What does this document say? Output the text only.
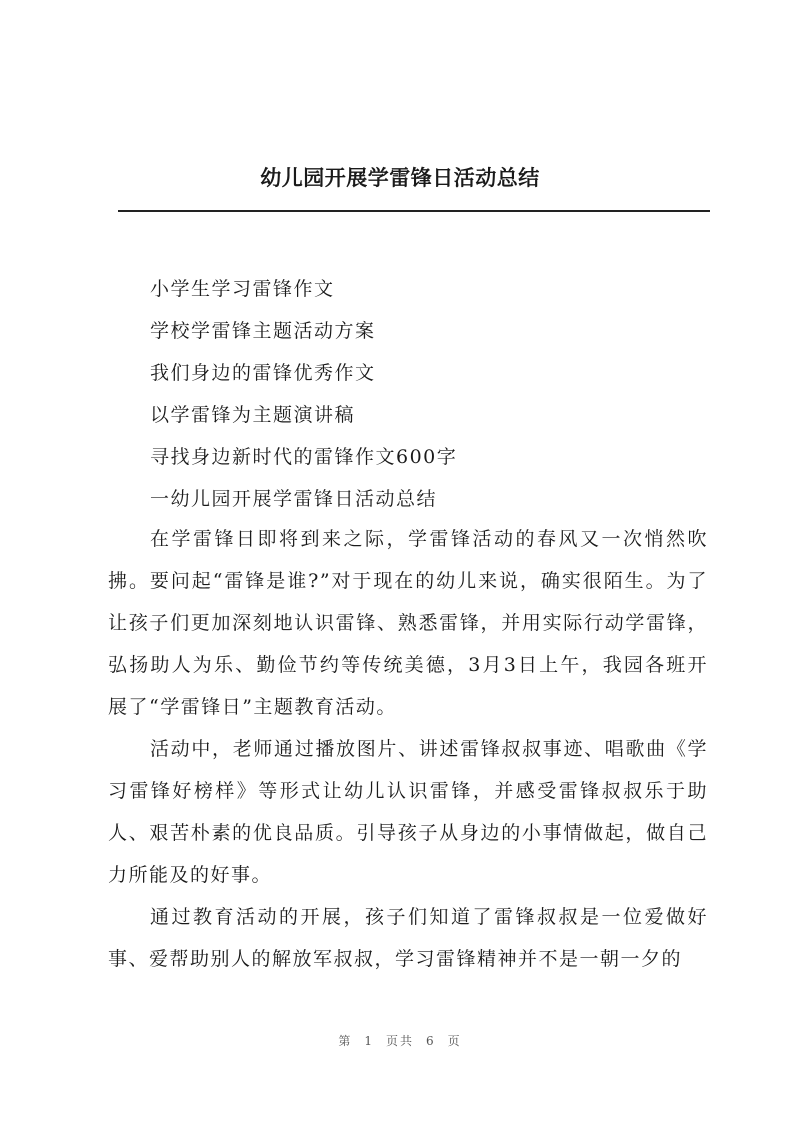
幼儿园开展学雷锋日活动总结
小学生学习雷锋作文
学校学雷锋主题活动方案
我们身边的雷锋优秀作文
以学雷锋为主题演讲稿
寻找身边新时代的雷锋作文600字
一幼儿园开展学雷锋日活动总结

在学雷锋日即将到来之际，学雷锋活动的春风又一次悄然吹拂。要问起“雷锋是谁?”对于现在的幼儿来说，确实很陌生。为了让孩子们更加深刻地认识雷锋、熟悉雷锋，并用实际行动学雷锋，弘扬助人为乐、勤俭节约等传统美德，3月3日上午，我园各班开展了“学雷锋日”主题教育活动。

活动中，老师通过播放图片、讲述雷锋叔叔事迹、唱歌曲《学习雷锋好榜样》等形式让幼儿认识雷锋，并感受雷锋叔叔乐于助人、艰苦朴素的优良品质。引导孩子从身边的小事情做起，做自己力所能及的好事。

通过教育活动的开展，孩子们知道了雷锋叔叔是一位爱做好事、爱帮助别人的解放军叔叔，学习雷锋精神并不是一朝一夕的

第 1 页共 6 页
